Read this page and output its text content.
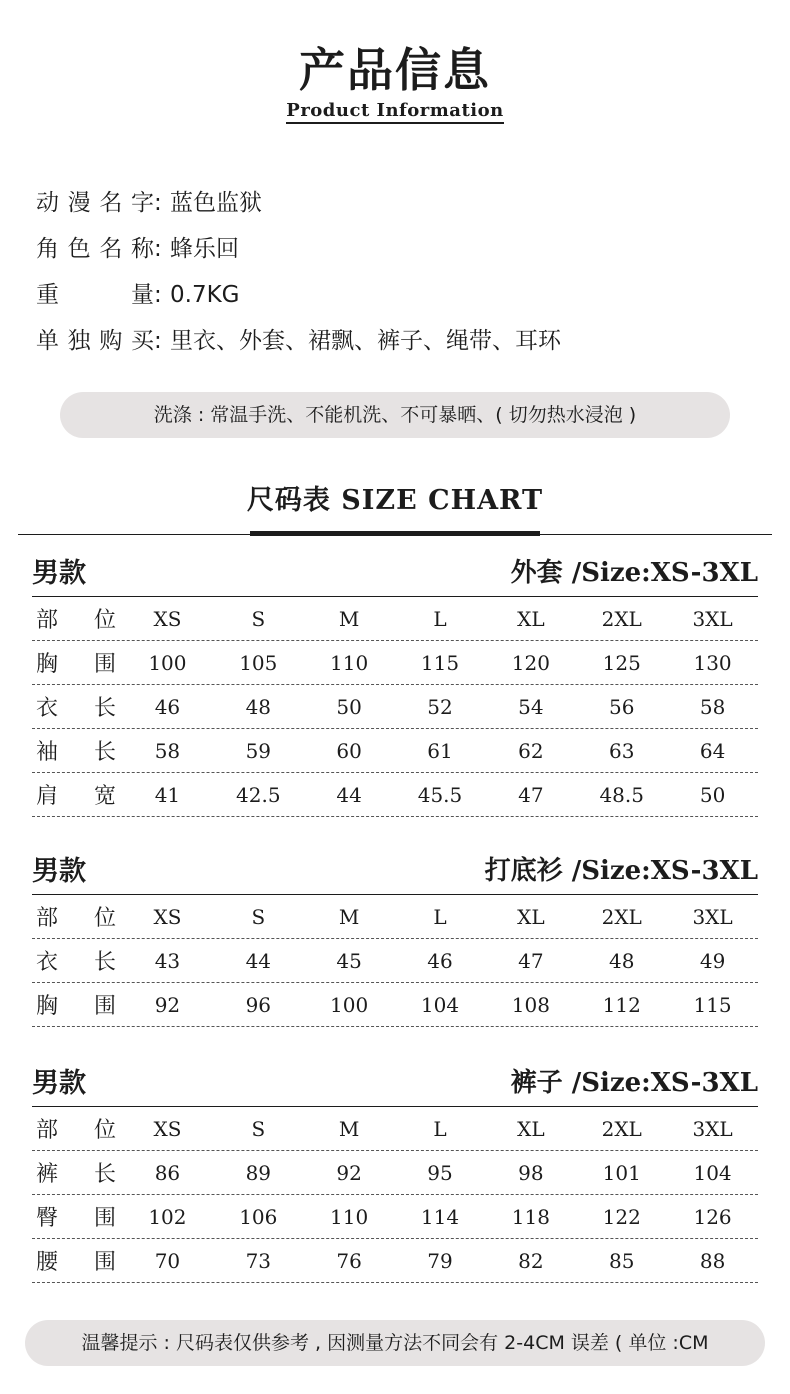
产品信息
Product Information
动漫名字 : 蓝色监狱
角色名称 : 蜂乐回
重量 : 0.7KG
单独购买 : 里衣、外套、裙飘、裤子、绳带、耳环
洗涤 : 常温手洗、不能机洗、不可暴晒、( 切勿热水浸泡 )
尺码表 SIZE CHART
男款	外套 /Size:XS-3XL
部 位	XS	S	M	L	XL	2XL	3XL
胸 围	100	105	110	115	120	125	130
衣 长	46	48	50	52	54	56	58
袖 长	58	59	60	61	62	63	64
肩 宽	41	42.5	44	45.5	47	48.5	50
男款	打底衫 /Size:XS-3XL
部 位	XS	S	M	L	XL	2XL	3XL
衣 长	43	44	45	46	47	48	49
胸 围	92	96	100	104	108	112	115
男款	裤子 /Size:XS-3XL
部 位	XS	S	M	L	XL	2XL	3XL
裤 长	86	89	92	95	98	101	104
臀 围	102	106	110	114	118	122	126
腰 围	70	73	76	79	82	85	88
温馨提示 : 尺码表仅供参考 , 因测量方法不同会有 2-4CM 误差 ( 单位 :CM
